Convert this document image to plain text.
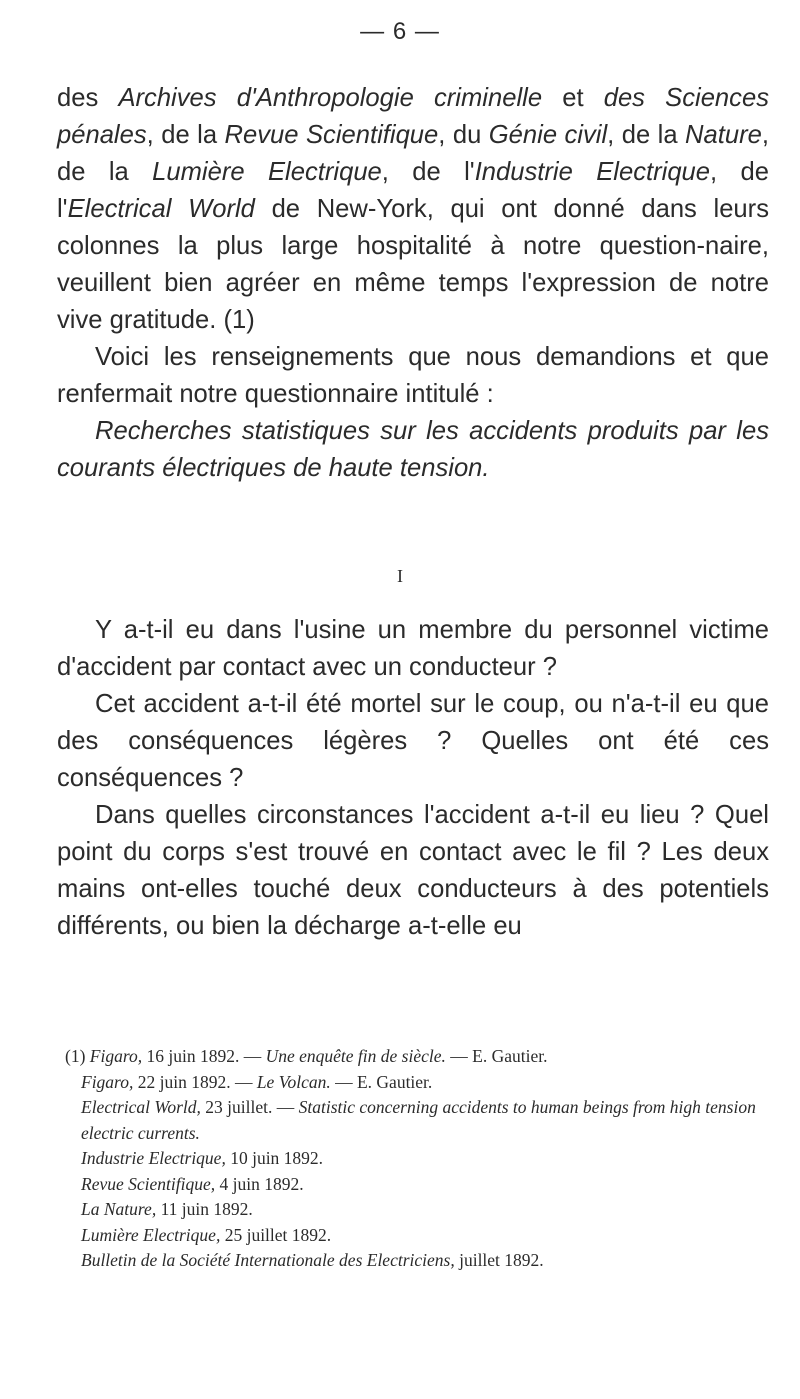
— 6 —

des Archives d'Anthropologie criminelle et des Sciences pénales, de la Revue Scientifique, du Génie civil, de la Nature, de la Lumière Electrique, de l'Industrie Electrique, de l'Electrical World de New-York, qui ont donné dans leurs colonnes la plus large hospitalité à notre question-naire, veuillent bien agréer en même temps l'expression de notre vive gratitude. (1)

Voici les renseignements que nous demandions et que renfermait notre questionnaire intitulé :

Recherches statistiques sur les accidents produits par les courants électriques de haute tension.

I

Y a-t-il eu dans l'usine un membre du personnel victime d'accident par contact avec un conducteur ?

Cet accident a-t-il été mortel sur le coup, ou n'a-t-il eu que des conséquences légères ? Quelles ont été ces conséquences ?

Dans quelles circonstances l'accident a-t-il eu lieu ? Quel point du corps s'est trouvé en contact avec le fil ? Les deux mains ont-elles touché deux conducteurs à des potentiels différents, ou bien la décharge a-t-elle eu

(1) Figaro, 16 juin 1892. — Une enquête fin de siècle. — E. Gautier.

Figaro, 22 juin 1892. — Le Volcan. — E. Gautier.

Electrical World, 23 juillet. — Statistic concerning accidents to human beings from high tension electric currents.

Industrie Electrique, 10 juin 1892.

Revue Scientifique, 4 juin 1892.

La Nature, 11 juin 1892.

Lumière Electrique, 25 juillet 1892.

Bulletin de la Société Internationale des Electriciens, juillet 1892.
